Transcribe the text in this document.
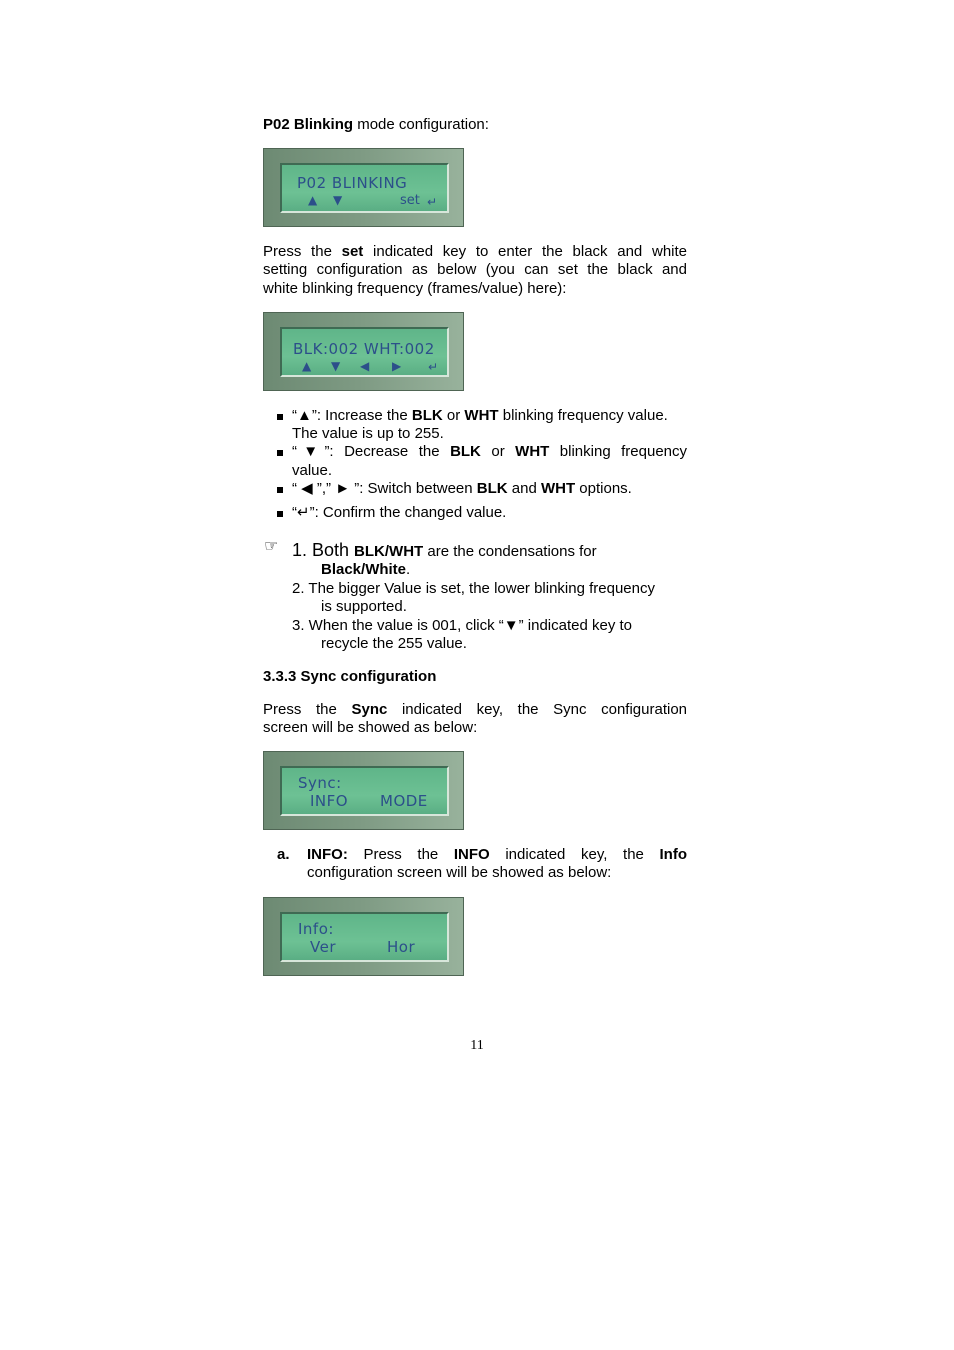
P02 Blinking mode configuration:
P02 BLINKING
▲ ▼	set ↵
Press the set indicated key to enter the black and white
setting configuration as below (you can set the black and
white blinking frequency (frames/value) here):
BLK:002 WHT:002
▲ ▼ ◀ ▶ ↵
“▲”: Increase the BLK or WHT blinking frequency value.
The value is up to 255.
“▼”: Decrease the BLK or WHT blinking frequency
value.
“ ◀ ”,” ► ”: Switch between BLK and WHT options.
“↵”: Confirm the changed value.
☞ 1. Both BLK/WHT are the condensations for
Black/White.
2. The bigger Value is set, the lower blinking frequency
is supported.
3. When the value is 001, click “▼” indicated key to
recycle the 255 value.
3.3.3 Sync configuration
Press the Sync indicated key, the Sync configuration
screen will be showed as below:
Sync:
INFO MODE
a. INFO: Press the INFO indicated key, the Info
configuration screen will be showed as below:
Info:
Ver	Hor
11
